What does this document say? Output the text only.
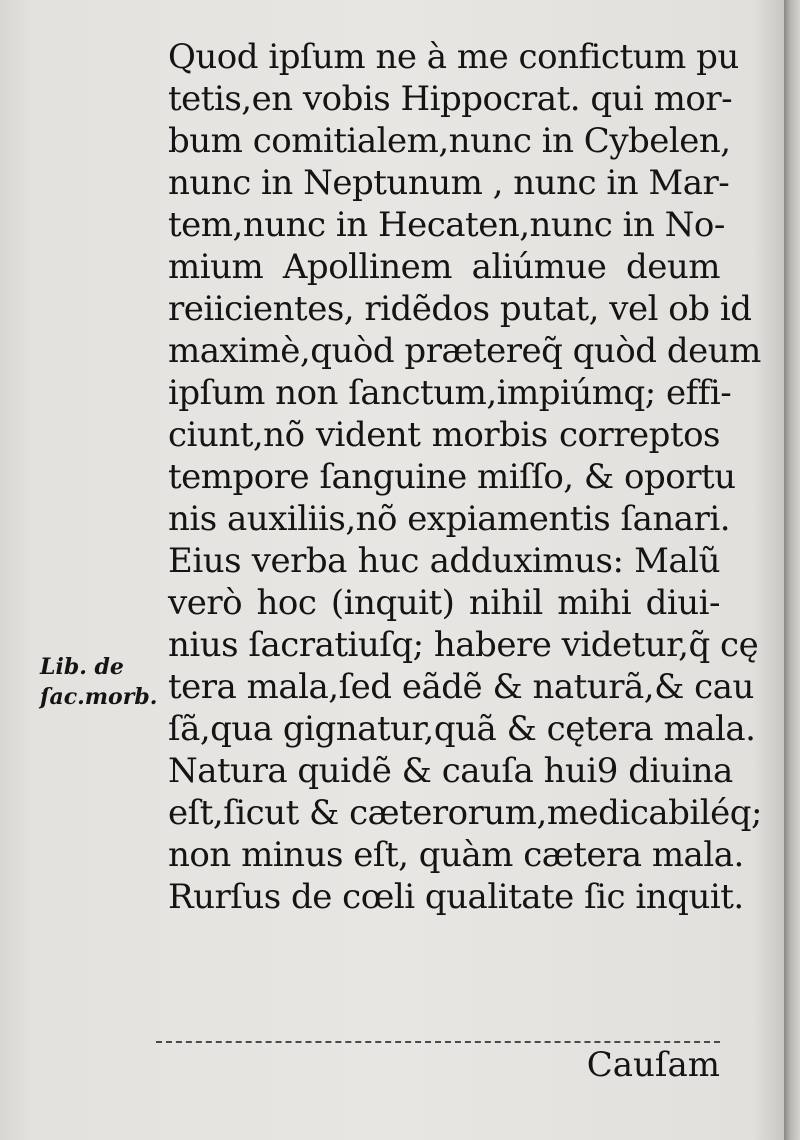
Quod ipſum ne à me confictum pu
tetis,en vobis Hippocrat. qui mor-
bum comitialem,nunc in Cybelen,
nunc in Neptunum , nunc in Mar-
tem,nunc in Hecaten,nunc in No-
mium Apollinem aliúmue deum
reiicientes, ridẽdos putat, vel ob id
maximè,quòd prætereq̃ quòd deum
ipſum non ſanctum,impiúmq; effi-
ciunt,nõ vident morbis correptos
tempore ſanguine miſſo, & oportu
nis auxiliis,nõ expiamentis ſanari.
Eius verba huc adduximus: Malũ
verò hoc (inquit) nihil mihi diui-
nius ſacratiuſq; habere videtur,q̃ cę
tera mala,ſed eãdẽ & naturã,& cau
ſã,qua gignatur,quã & cętera mala.
Natura quidẽ & cauſa hui9 diuina
eſt,ſicut & cæterorum,medicabiléq;
non minus eſt, quàm cætera mala.
Rurſus de cœli qualitate ſic inquit.
Cauſam
Lib. de
ſac.morb.
